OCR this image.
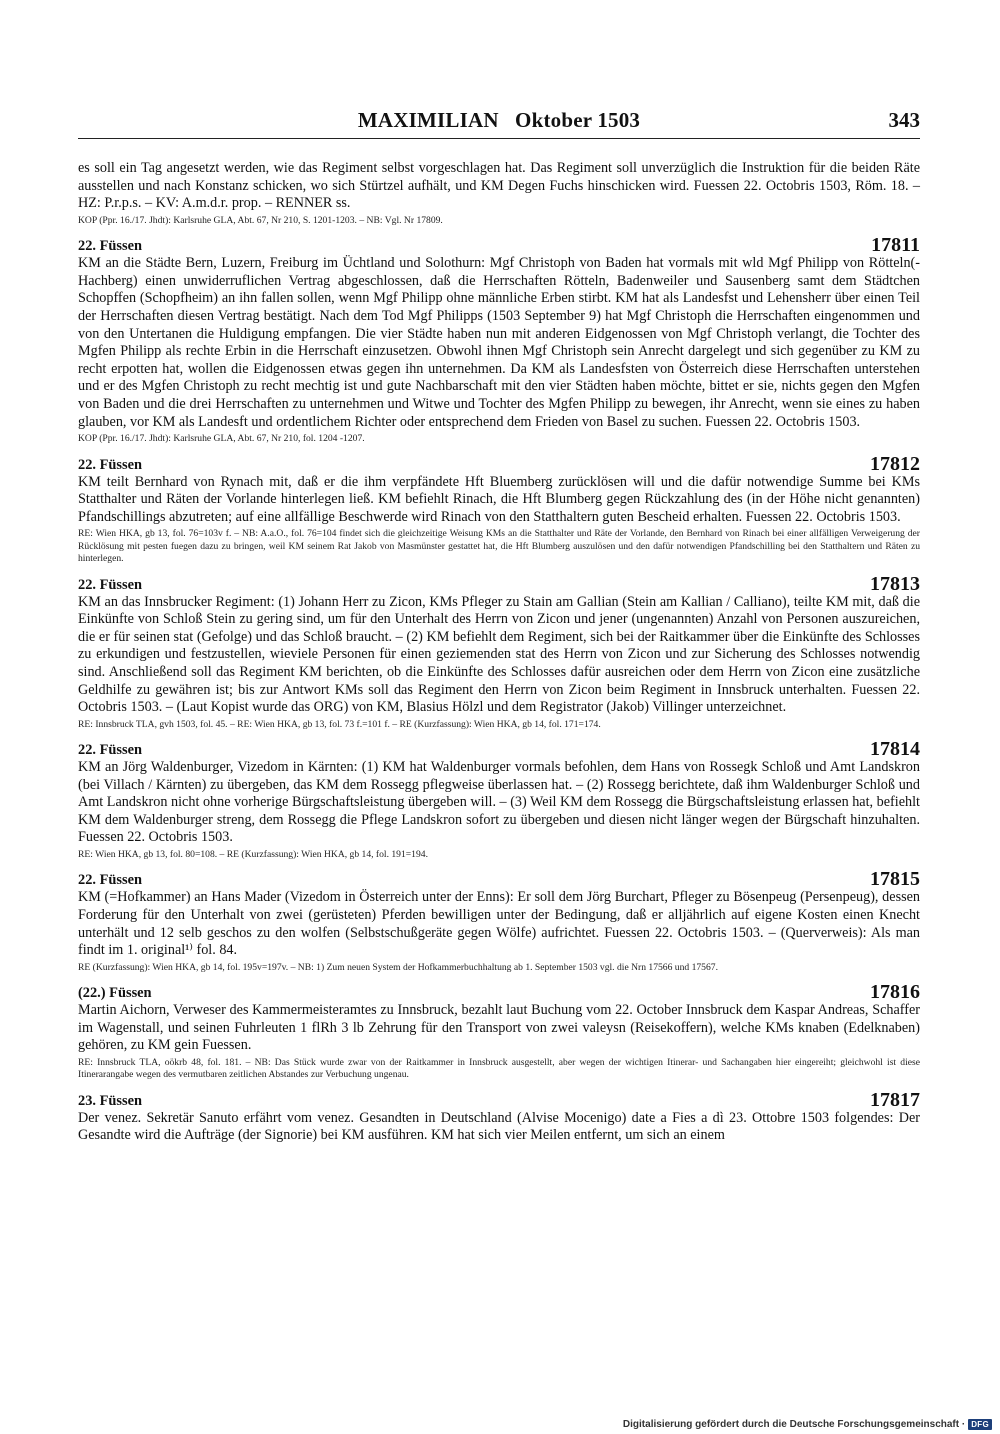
MAXIMILIAN   Oktober 1503	343

es soll ein Tag angesetzt werden, wie das Regiment selbst vorgeschlagen hat. Das Regiment soll unverzüglich die Instruktion für die beiden Räte ausstellen und nach Konstanz schicken, wo sich Stürtzel aufhält, und KM Degen Fuchs hinschicken wird. Fuessen 22. Octobris 1503, Röm. 18. – HZ: P.r.p.s. – KV: A.m.d.r. prop. – RENNER ss.

KOP (Ppr. 16./17. Jhdt): Karlsruhe GLA, Abt. 67, Nr 210, S. 1201-1203. – NB: Vgl. Nr 17809.

22. Füssen	17811

KM an die Städte Bern, Luzern, Freiburg im Üchtland und Solothurn: Mgf Christoph von Baden hat vormals mit wld Mgf Philipp von Rötteln(-Hachberg) einen unwiderruflichen Vertrag abgeschlossen, daß die Herrschaften Rötteln, Badenweiler und Sausenberg samt dem Städtchen Schopffen (Schopfheim) an ihn fallen sollen, wenn Mgf Philipp ohne männliche Erben stirbt. KM hat als Landesfst und Lehensherr über einen Teil der Herrschaften diesen Vertrag bestätigt. Nach dem Tod Mgf Philipps (1503 September 9) hat Mgf Christoph die Herrschaften eingenommen und von den Untertanen die Huldigung empfangen. Die vier Städte haben nun mit anderen Eidgenossen von Mgf Christoph verlangt, die Tochter des Mgfen Philipp als rechte Erbin in die Herrschaft einzusetzen. Obwohl ihnen Mgf Christoph sein Anrecht dargelegt und sich gegenüber zu KM zu recht erpotten hat, wollen die Eidgenossen etwas gegen ihn unternehmen. Da KM als Landesfsten von Österreich diese Herrschaften unterstehen und er des Mgfen Christoph zu recht mechtig ist und gute Nachbarschaft mit den vier Städten haben möchte, bittet er sie, nichts gegen den Mgfen von Baden und die drei Herrschaften zu unternehmen und Witwe und Tochter des Mgfen Philipp zu bewegen, ihr Anrecht, wenn sie eines zu haben glauben, vor KM als Landesft und ordentlichem Richter oder entsprechend dem Frieden von Basel zu suchen. Fuessen 22. Octobris 1503.

KOP (Ppr. 16./17. Jhdt): Karlsruhe GLA, Abt. 67, Nr 210, fol. 1204 -1207.

22. Füssen	17812

KM teilt Bernhard von Rynach mit, daß er die ihm verpfändete Hft Bluemberg zurücklösen will und die dafür notwendige Summe bei KMs Statthalter und Räten der Vorlande hinterlegen ließ. KM befiehlt Rinach, die Hft Blumberg gegen Rückzahlung des (in der Höhe nicht genannten) Pfandschillings abzutreten; auf eine allfällige Beschwerde wird Rinach von den Statthaltern guten Bescheid erhalten. Fuessen 22. Octobris 1503.

RE: Wien HKA, gb 13, fol. 76=103v f. – NB: A.a.O., fol. 76=104 findet sich die gleichzeitige Weisung KMs an die Statthalter und Räte der Vorlande, den Bernhard von Rinach bei einer allfälligen Verweigerung der Rücklösung mit pesten fuegen dazu zu bringen, weil KM seinem Rat Jakob von Masmünster gestattet hat, die Hft Blumberg auszulösen und den dafür notwendigen Pfandschilling bei den Statthaltern und Räten zu hinterlegen.

22. Füssen	17813

KM an das Innsbrucker Regiment: (1) Johann Herr zu Zicon, KMs Pfleger zu Stain am Gallian (Stein am Kallian / Calliano), teilte KM mit, daß die Einkünfte von Schloß Stein zu gering sind, um für den Unterhalt des Herrn von Zicon und jener (ungenannten) Anzahl von Personen auszureichen, die er für seinen stat (Gefolge) und das Schloß braucht. – (2) KM befiehlt dem Regiment, sich bei der Raitkammer über die Einkünfte des Schlosses zu erkundigen und festzustellen, wieviele Personen für einen geziemenden stat des Herrn von Zicon und zur Sicherung des Schlosses notwendig sind. Anschließend soll das Regiment KM berichten, ob die Einkünfte des Schlosses dafür ausreichen oder dem Herrn von Zicon eine zusätzliche Geldhilfe zu gewähren ist; bis zur Antwort KMs soll das Regiment den Herrn von Zicon beim Regiment in Innsbruck unterhalten. Fuessen 22. Octobris 1503. – (Laut Kopist wurde das ORG) von KM, Blasius Hölzl und dem Registrator (Jakob) Villinger unterzeichnet.

RE: Innsbruck TLA, gvh 1503, fol. 45. – RE: Wien HKA, gb 13, fol. 73 f.=101 f. – RE (Kurzfassung): Wien HKA, gb 14, fol. 171=174.

22. Füssen	17814

KM an Jörg Waldenburger, Vizedom in Kärnten: (1) KM hat Waldenburger vormals befohlen, dem Hans von Rossegk Schloß und Amt Landskron (bei Villach / Kärnten) zu übergeben, das KM dem Rossegg pflegweise überlassen hat. – (2) Rossegg berichtete, daß ihm Waldenburger Schloß und Amt Landskron nicht ohne vorherige Bürgschaftsleistung übergeben will. – (3) Weil KM dem Rossegg die Bürgschaftsleistung erlassen hat, befiehlt KM dem Waldenburger streng, dem Rossegg die Pflege Landskron sofort zu übergeben und diesen nicht länger wegen der Bürgschaft hinzuhalten. Fuessen 22. Octobris 1503.

RE: Wien HKA, gb 13, fol. 80=108. – RE (Kurzfassung): Wien HKA, gb 14, fol. 191=194.

22. Füssen	17815

KM (=Hofkammer) an Hans Mader (Vizedom in Österreich unter der Enns): Er soll dem Jörg Burchart, Pfleger zu Bösenpeug (Persenpeug), dessen Forderung für den Unterhalt von zwei (gerüsteten) Pferden bewilligen unter der Bedingung, daß er alljährlich auf eigene Kosten einen Knecht unterhält und 12 selb geschos zu den wolfen (Selbstschußgeräte gegen Wölfe) aufrichtet. Fuessen 22. Octobris 1503. – (Querverweis): Als man findt im 1. original¹⁾ fol. 84.

RE (Kurzfassung): Wien HKA, gb 14, fol. 195v=197v. – NB: 1) Zum neuen System der Hofkammerbuchhaltung ab 1. September 1503 vgl. die Nrn 17566 und 17567.

(22.) Füssen	17816

Martin Aichorn, Verweser des Kammermeisteramtes zu Innsbruck, bezahlt laut Buchung vom 22. October Innsbruck dem Kaspar Andreas, Schaffer im Wagenstall, und seinen Fuhrleuten 1 flRh 3 lb Zehrung für den Transport von zwei valeysn (Reisekoffern), welche KMs knaben (Edelknaben) gehören, zu KM gein Fuessen.

RE: Innsbruck TLA, oökrb 48, fol. 181. – NB: Das Stück wurde zwar von der Raitkammer in Innsbruck ausgestellt, aber wegen der wichtigen Itinerar- und Sachangaben hier eingereiht; gleichwohl ist diese Itinerarangabe wegen des vermutbaren zeitlichen Abstandes zur Verbuchung ungenau.

23. Füssen	17817

Der venez. Sekretär Sanuto erfährt vom venez. Gesandten in Deutschland (Alvise Mocenigo) date a Fies a dì 23. Ottobre 1503 folgendes: Der Gesandte wird die Aufträge (der Signorie) bei KM ausführen. KM hat sich vier Meilen entfernt, um sich an einem

Digitalisierung gefördert durch die Deutsche Forschungsgemeinschaft · DFG
